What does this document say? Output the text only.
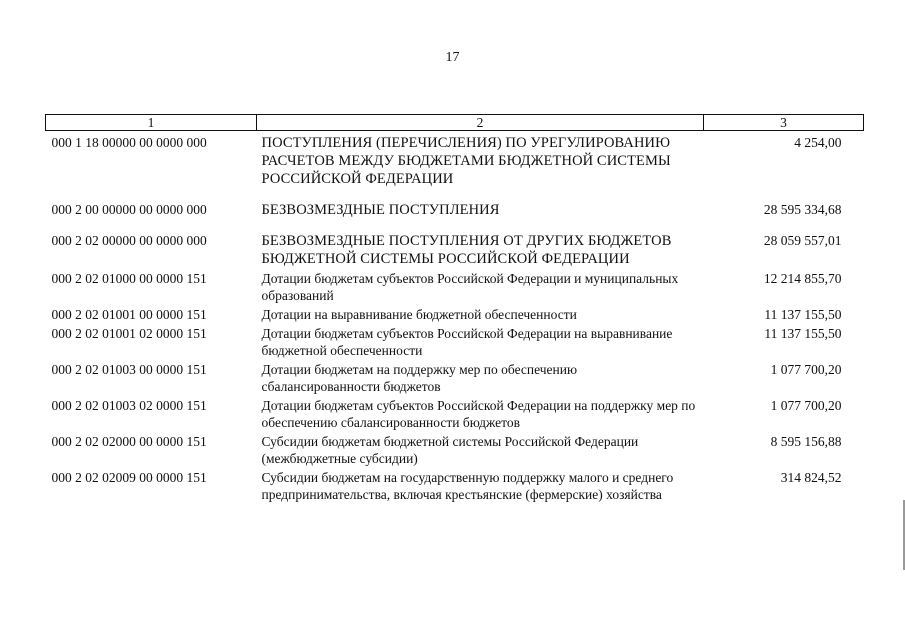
17
1	2	3
000 1 18 00000 00 0000 000	ПОСТУПЛЕНИЯ (ПЕРЕЧИСЛЕНИЯ) ПО УРЕГУЛИРОВАНИЮ РАСЧЕТОВ МЕЖДУ БЮДЖЕТАМИ БЮДЖЕТНОЙ СИСТЕМЫ РОССИЙСКОЙ ФЕДЕРАЦИИ	4 254,00
000 2 00 00000 00 0000 000	БЕЗВОЗМЕЗДНЫЕ ПОСТУПЛЕНИЯ	28 595 334,68
000 2 02 00000 00 0000 000	БЕЗВОЗМЕЗДНЫЕ ПОСТУПЛЕНИЯ ОТ ДРУГИХ БЮДЖЕТОВ БЮДЖЕТНОЙ СИСТЕМЫ РОССИЙСКОЙ ФЕДЕРАЦИИ	28 059 557,01
000 2 02 01000 00 0000 151	Дотации бюджетам субъектов Российской Федерации и муниципальных образований	12 214 855,70
000 2 02 01001 00 0000 151	Дотации на выравнивание бюджетной обеспеченности	11 137 155,50
000 2 02 01001 02 0000 151	Дотации бюджетам субъектов Российской Федерации на выравнивание бюджетной обеспеченности	11 137 155,50
000 2 02 01003 00 0000 151	Дотации бюджетам на поддержку мер по обеспечению сбалансированности бюджетов	1 077 700,20
000 2 02 01003 02 0000 151	Дотации бюджетам субъектов Российской Федерации на поддержку мер по обеспечению сбалансированности бюджетов	1 077 700,20
000 2 02 02000 00 0000 151	Субсидии бюджетам бюджетной системы Российской Федерации (межбюджетные субсидии)	8 595 156,88
000 2 02 02009 00 0000 151	Субсидии бюджетам на государственную поддержку малого и среднего предпринимательства, включая крестьянские (фермерские) хозяйства	314 824,52
